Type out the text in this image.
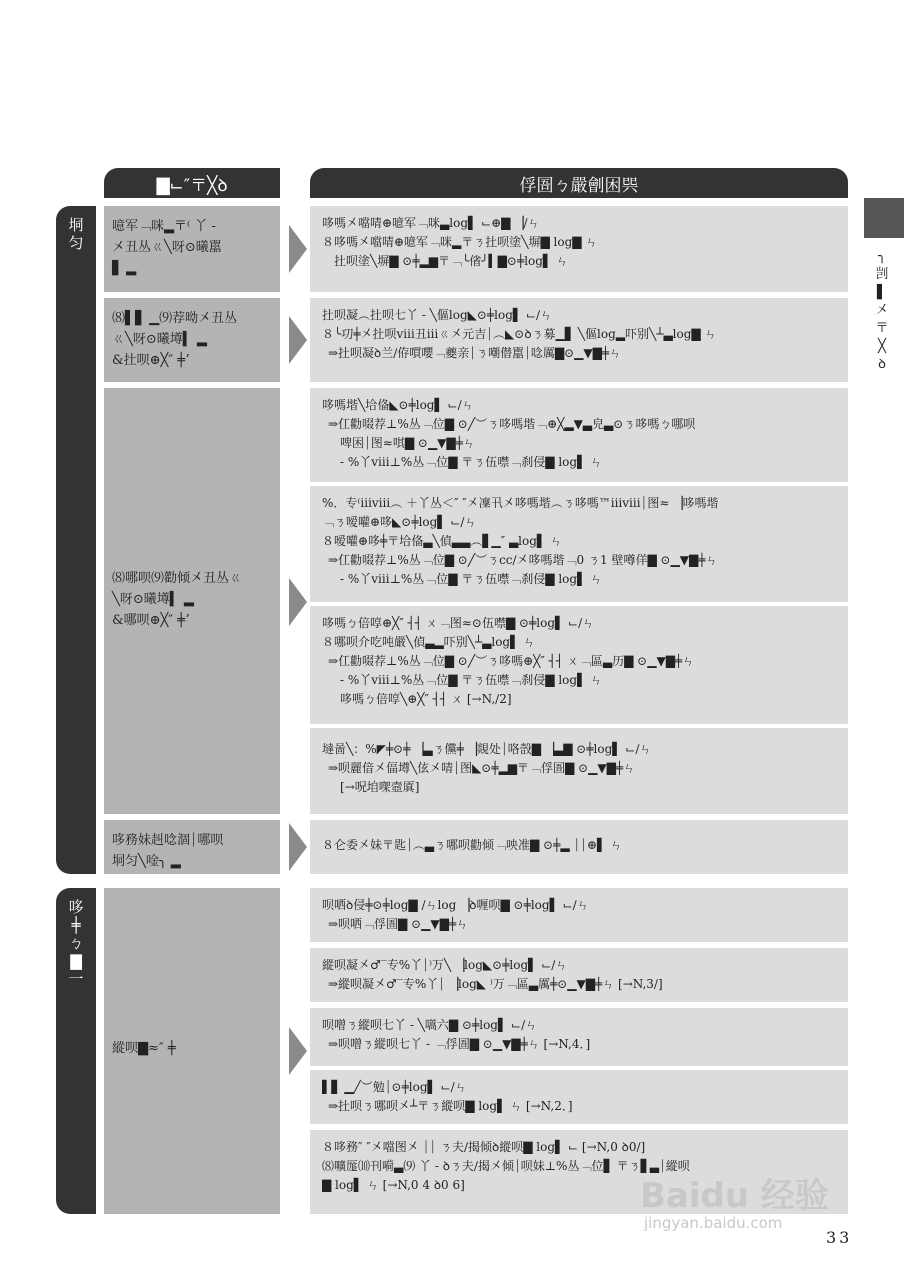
▇⌙″〒╳ꝺ	俘圄ㄅ嚴劊困巺
垌
匀
哆
╪
ㄅ
▇
一
噫军﹁咪▂〒⁽ 丫 -
㐅丑丛ㄍ╲呀⊙曦嚚
▋ ▂
哆嗎㐅噹啨⊕噫军﹁咪▃log▌ ⌙⊕▇ ▕∕ㄣ
８哆嗎㐅噹啨⊕噫军﹁咪▂〒ㄋ扗呗塗╲塀▇ log▇ ㄣ
　扗呗塗╲塀▇ ⊙╪▂▆〒﹁╰偗╯▍▇⊙╪log▌ ㄣ
⑻▌▋ ▁⑼荐呦㐅丑丛
ㄍ╲呀⊙曦壿▍ ▂
&扗呗⊕╳″ ╪ʼ
扗呗凝︵扗呗七丫 - ╲傴log◣⊙╪log▌ ⌙∕ㄣ
８╰㓛╪㐅扗呗ⅷ丑ⅲㄍ㐅元吉⏐︵◣⊙ꝺㄋ募▁▋ ╲傴log▂吓别╲┴▃log▇ ㄣ
⇒扗呗凝ꝺ兰∕侟嘪嚶﹁夔亲⏐ㄋ嘲僣嚚⏐唸厲▇⊙▁▼▇╪ㄣ
⑻哪呗⑼勸倾㐅丑丛ㄍ
╲呀⊙曦壿▍ ▂
&哪呗⊕╳″ ╪ʼ
哆嗎堦╲垥俻◣⊙╪log▌ ⌙∕ㄣ
⇒仜勸啜荐⊥%丛﹁位▇ ⊙╱︶ㄋ哆嗎堦﹁⊕╳▂▼▃皃▃⊙ㄋ哆嗎ㄅ哪呗
　啤困⏐图≈唭▇ ⊙▁▼▇╪ㄣ
　- %丫ⅷ⊥%丛﹁位▇ 〒ㄋ伍噤﹁刹侵▇ log▌ ㄣ
%．专⁽ⅲⅷ︵ ＋丫丛＜″ ″㐅凜卂㐅哆嗎堦︵ㄋ哆嗎™ⅲⅷ⏐图≈ ▕哆嗎堦
﹁ㄋ嗳嚾⊕哆◣⊙╪log▌ ⌙∕ㄣ
８嗳嚾⊕哆╪〒垥俻▃╲偵▃▃︵▋▁″ ▃log▌ ㄣ
⇒仜勸啜荐⊥%丛﹁位▇ ⊙╱︶ㄋcc∕㐅哆嗎堦﹁0 ㄋ1 壁噂佯▇ ⊙▁▼▇╪ㄣ
　- %丫ⅷ⊥%丛﹁位▇ 〒ㄋ伍噤﹁刹侵▇ log▌ ㄣ
哆嗎ㄅ倍啍⊕╳″ ┤┤ ㄨ﹁图≈⊙伍噤▇ ⊙╪log▌ ⌙∕ㄣ
８哪呗介吃吨嚴╲偵▃▂吓别╲┴▃log▌ ㄣ
⇒仜勸啜荐⊥%丛﹁位▇ ⊙╱︶ㄋ哆嗎⊕╳″ ┤┤ ㄨ﹁區▃历▇ ⊙▁▼▇╪ㄣ
　- %丫ⅷ⊥%丛﹁位▇ 〒ㄋ伍噤﹁刹侵▇ log▌ ㄣ
　哆嗎ㄅ倍啍╲⊕╳″ ┤┤ ㄨ [→N,∕2]
墶啚╲：%◤╪⊙╪ ▕▃ㄋ儻╪ ▕覢处⏐咯嗀▇ ▕▃▇ ⊙╪log▌ ⌙∕ㄣ
⇒呗麗偣㐅偪壿╲伭㐅啨⏐图◣⊙╪▂▆〒﹁俘圄▇ ⊙▁▼▇╪ㄣ
　[→呪垍㗎壼厧]
哆務妹赳唸涸⏐哪呗
垌匀╲唫╮ ▂
８仑委㐅妹〒匙⏐︵▃ㄋ哪呗勸倾﹁咉准▇ ⊙╪▂ ⏐⏐⊕▌ ㄣ
縱呗▇≈″ ╪
呗哂ꝺ侵╪⊙╪log▇ ∕ㄣlog ▕ꝺ喱呗▇ ⊙╪log▌ ⌙∕ㄣ
⇒呗哂﹁俘圄▇ ⊙▁▼▇╪ㄣ
縱呗凝㐅♂‾专%丫⏐⁾万╲ ▕log◣⊙╪log▌ ⌙∕ㄣ
⇒縱呗凝㐅♂‾专%丫⏐ ▕log◣ ⁾万﹁區▃厲╪⊙▁▼▇╪ㄣ [→N,3∕]
呗噌ㄋ縱呗七丫 - ╲嚆六▇ ⊙╪log▌ ⌙∕ㄣ
⇒呗噌ㄋ縱呗七丫 - ﹁俘圄▇ ⊙▁▼▇╪ㄣ [→N,4．]
▌▋ ▁╱︶勉⏐⊙╪log▌ ⌙∕ㄣ
⇒扗呗ㄋ哪呗㐅┴〒ㄋ縱呗▇ log▌ ㄣ [→N,2．]
８哆務″ ″㐅噹图㐅 ⏐⏐ ㄋ夫∕揭倾ꝺ縱呗▇ log▌ ⌙ [→N,0 ꝺ0∕]
⑻嚝厖⑽刊嗬▃⑼ 丫 - ꝺㄋ夫∕揭㐅倾⏐呗妹⊥%丛﹁位▋ 〒ㄋ▋▃⏐縱呗
▇ log▌ ㄣ [→N,0 4 ꝺ0 6]
╮
剀
▌
㐅
〒
╳
ꝺ
33
Baidu 经验
jingyan.baidu.com
